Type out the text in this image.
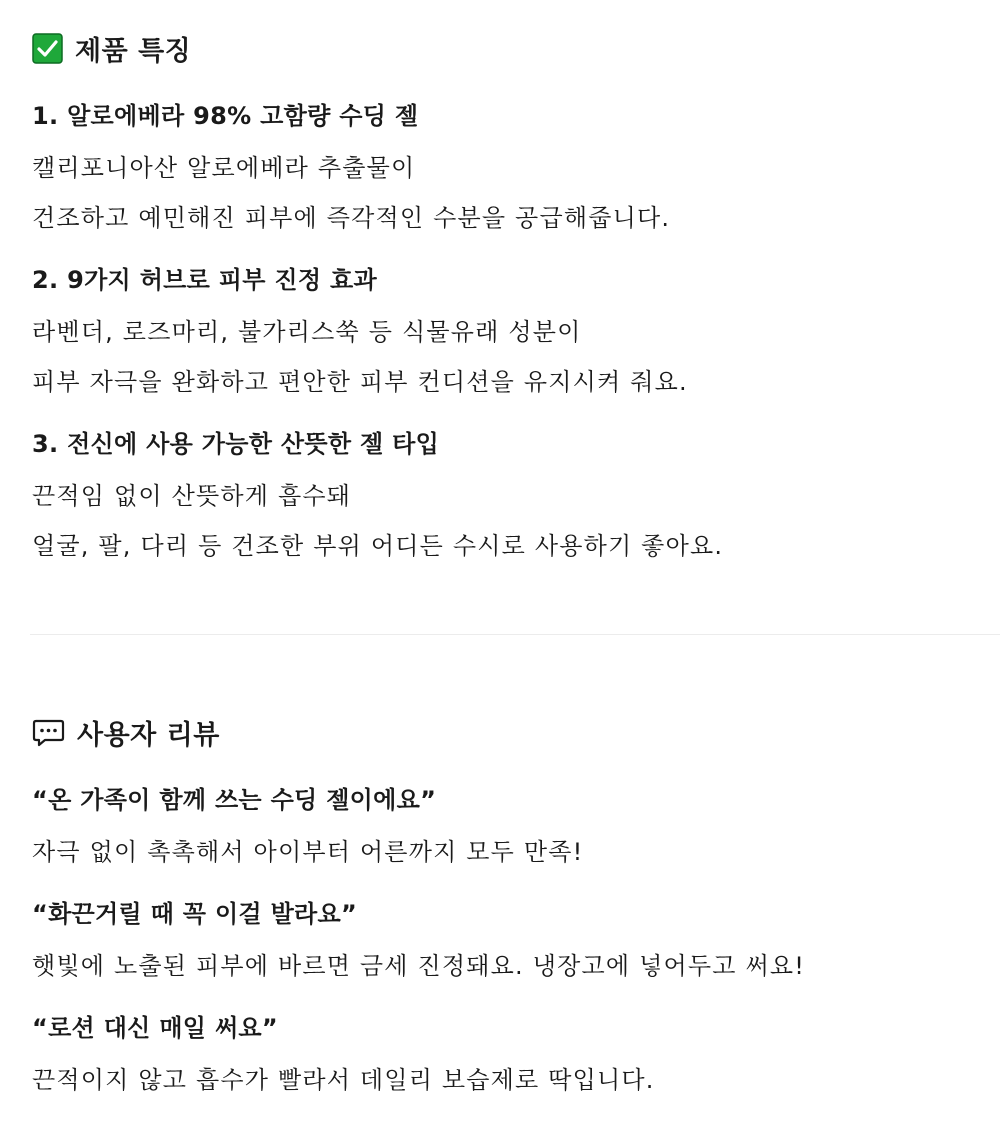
제품 특징
1. 알로에베라 98% 고함량 수딩 젤
캘리포니아산 알로에베라 추출물이
건조하고 예민해진 피부에 즉각적인 수분을 공급해줍니다.
2. 9가지 허브로 피부 진정 효과
라벤더, 로즈마리, 불가리스쑥 등 식물유래 성분이
피부 자극을 완화하고 편안한 피부 컨디션을 유지시켜 줘요.
3. 전신에 사용 가능한 산뜻한 젤 타입
끈적임 없이 산뜻하게 흡수돼
얼굴, 팔, 다리 등 건조한 부위 어디든 수시로 사용하기 좋아요.
사용자 리뷰
“온 가족이 함께 쓰는 수딩 젤이에요”
자극 없이 촉촉해서 아이부터 어른까지 모두 만족!
“화끈거릴 때 꼭 이걸 발라요”
햇빛에 노출된 피부에 바르면 금세 진정돼요. 냉장고에 넣어두고 써요!
“로션 대신 매일 써요”
끈적이지 않고 흡수가 빨라서 데일리 보습제로 딱입니다.
